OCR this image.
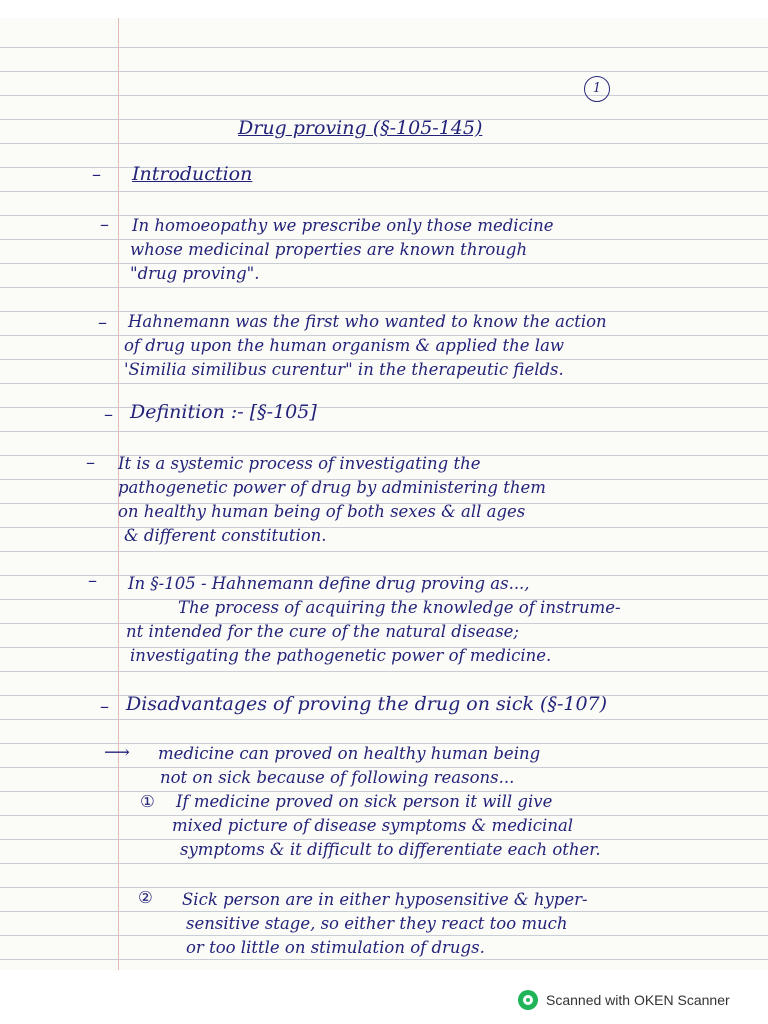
1
Drug proving (§-105-145)
– Introduction
– In homoeopathy we prescribe only those medicine
whose medicinal properties are known through
"drug proving".
– Hahnemann was the first who wanted to know the action
of drug upon the human organism & applied the law
'Similia similibus curentur" in the therapeutic fields.
– Definition :- [§-105]
– It is a systemic process of investigating the
pathogenetic power of drug by administering them
on healthy human being of both sexes & all ages
& different constitution.
– In §-105 - Hahnemann define drug proving as...,
The process of acquiring the knowledge of instrume-
nt intended for the cure of the natural disease;
investigating the pathogenetic power of medicine.
– Disadvantages of proving the drug on sick (§-107)
⟶ medicine can proved on healthy human being
not on sick because of following reasons...
① If medicine proved on sick person it will give
mixed picture of disease symptoms & medicinal
symptoms & it difficult to differentiate each other.
② Sick person are in either hyposensitive & hyper-
sensitive stage, so either they react too much
or too little on stimulation of drugs.
Scanned with OKEN Scanner
